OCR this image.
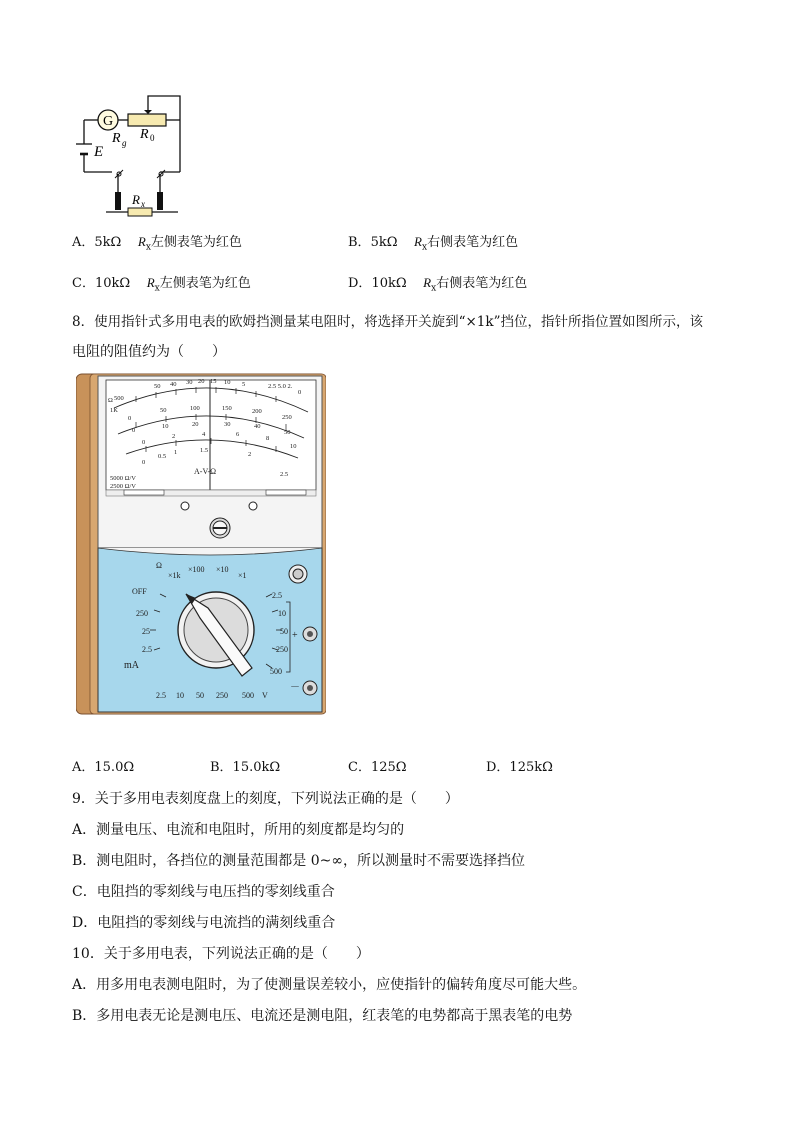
G
R g
R 0
E
R x
A．5kΩ $R_x$左侧表笔为红色	B．5kΩ $R_x$右侧表笔为红色
C．10kΩ $R_x$左侧表笔为红色	D．10kΩ $R_x$右侧表笔为红色
8．使用指针式多用电表的欧姆挡测量某电阻时，将选择开关旋到“×1k”挡位，指针所指位置如图所示，该
电阻的阻值约为（　　）
50 40 30 20 15 10 5
0
0
50	100	150	200
250
0
10	20	30	40
50
0
2	4	6
8
10
0
0.5
1	1.5
2
2.5
Ω 500
1K
2.5 5.0 2.
A-V-Ω
5000 Ω/V
2500 Ω/V
Ω
×1k
×100 ×10
×1
OFF
250
25
2.5
2.5
10
50
250
500
2.5 10 50 250 500 V
+
－
mA
A．15.0Ω	B．15.0kΩ	C．125Ω	D．125kΩ
9．关于多用电表刻度盘上的刻度，下列说法正确的是（　　）
A．测量电压、电流和电阻时，所用的刻度都是均匀的
B．测电阻时，各挡位的测量范围都是 0~∞，所以测量时不需要选择挡位
C．电阻挡的零刻线与电压挡的零刻线重合
D．电阻挡的零刻线与电流挡的满刻线重合
10．关于多用电表，下列说法正确的是（　　）
A．用多用电表测电阻时，为了使测量误差较小，应使指针的偏转角度尽可能大些。
B．多用电表无论是测电压、电流还是测电阻，红表笔的电势都高于黑表笔的电势
